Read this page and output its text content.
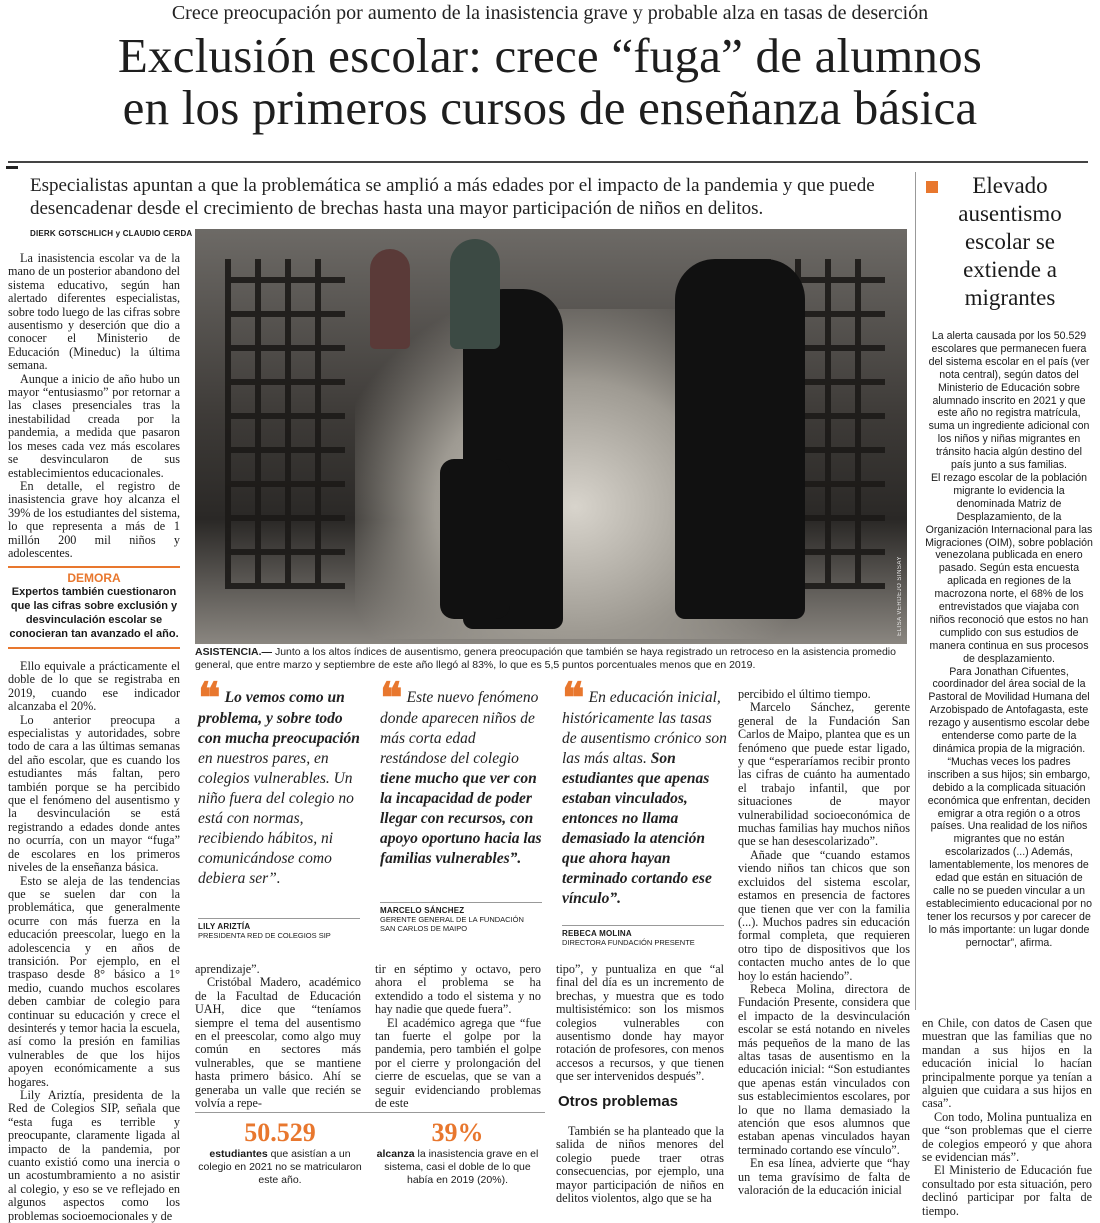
Crece preocupación por aumento de la inasistencia grave y probable alza en tasas de deserción
Exclusión escolar: crece “fuga” de alumnos
en los primeros cursos de enseñanza básica
Especialistas apuntan a que la problemática se amplió a más edades por el impacto de la pandemia y que puede desencadenar desde el crecimiento de brechas hasta una mayor participación de niños en delitos.
DIERK GOTSCHLICH y CLAUDIO CERDA

La inasistencia escolar va de la mano de un posterior abandono del sistema educativo, según han alertado diferentes especialistas, sobre todo luego de las cifras sobre ausentismo y deserción que dio a conocer el Ministerio de Educación (Mineduc) la última semana.

Aunque a inicio de año hubo un mayor “entusiasmo” por retornar a las clases presenciales tras la inestabilidad creada por la pandemia, a medida que pasaron los meses cada vez más escolares se desvincularon de sus establecimientos educacionales.

En detalle, el registro de inasistencia grave hoy alcanza el 39% de los estudiantes del sistema, lo que representa a más de 1 millón 200 mil niños y adolescentes.

DEMORA
Expertos también cuestionaron que las cifras sobre exclusión y desvinculación escolar se conocieran tan avanzado el año.

Ello equivale a prácticamente el doble de lo que se registraba en 2019, cuando ese indicador alcanzaba el 20%.

Lo anterior preocupa a especialistas y autoridades, sobre todo de cara a las últimas semanas del año escolar, que es cuando los estudiantes más faltan, pero también porque se ha percibido que el fenómeno del ausentismo y la desvinculación se está registrando a edades donde antes no ocurría, con un mayor “fuga” de escolares en los primeros niveles de la enseñanza básica.

Esto se aleja de las tendencias que se suelen dar con la problemática, que generalmente ocurre con más fuerza en la educación preescolar, luego en la adolescencia y en años de transición. Por ejemplo, en el traspaso desde 8° básico a 1° medio, cuando muchos escolares deben cambiar de colegio para continuar su educación y crece el desinterés y temor hacia la escuela, así como la presión en familias vulnerables de que los hijos apoyen económicamente a sus hogares.

Lily Ariztía, presidenta de la Red de Colegios SIP, señala que “esta fuga es terrible y preocupante, claramente ligada al impacto de la pandemia, por cuanto existió como una inercia o un acostumbramiento a no asistir al colegio, y eso se ve reflejado en algunos aspectos como los problemas socioemocionales y de

ELISA VERDEJO SINSAY
ASISTENCIA.— Junto a los altos índices de ausentismo, genera preocupación que también se haya registrado un retroceso en la asistencia promedio general, que entre marzo y septiembre de este año llegó al 83%, lo que es 5,5 puntos porcentuales menos que en 2019.
❝ Lo vemos como un problema, y sobre todo con mucha preocupación en nuestros pares, en colegios vulnerables. Un niño fuera del colegio no está con normas, recibiendo hábitos, ni comunicándose como debiera ser”.
LILY ARIZTÍA
PRESIDENTA RED DE COLEGIOS SIP
❝ Este nuevo fenómeno donde aparecen niños de más corta edad restándose del colegio tiene mucho que ver con la incapacidad de poder llegar con recursos, con apoyo oportuno hacia las familias vulnerables”.
MARCELO SÁNCHEZ
GERENTE GENERAL DE LA FUNDACIÓN SAN CARLOS DE MAIPO
❝ En educación inicial, históricamente las tasas de ausentismo crónico son las más altas. Son estudiantes que apenas estaban vinculados, entonces no llama demasiado la atención que ahora hayan terminado cortando ese vínculo”.
REBECA MOLINA
DIRECTORA FUNDACIÓN PRESENTE

aprendizaje”.

Cristóbal Madero, académico de la Facultad de Educación UAH, dice que “teníamos siempre el tema del ausentismo en el preescolar, como algo muy común en sectores más vulnerables, que se mantiene hasta primero básico. Ahí se generaba un valle que recién se volvía a repe-

tir en séptimo y octavo, pero ahora el problema se ha extendido a todo el sistema y no hay nadie que quede fuera”.

El académico agrega que “fue tan fuerte el golpe por la pandemia, pero también el golpe por el cierre y prolongación del cierre de escuelas, que se van a seguir evidenciando problemas de este

tipo”, y puntualiza en que “al final del día es un incremento de brechas, y muestra que es todo multisistémico: son los mismos colegios vulnerables con ausentismo donde hay mayor rotación de profesores, con menos accesos a recursos, y que tienen que ser intervenidos después”.

Otros problemas

También se ha planteado que la salida de niños menores del colegio puede traer otras consecuencias, por ejemplo, una mayor participación de niños en delitos violentos, algo que se ha

50.529
estudiantes que asistían a un colegio en 2021 no se matricularon este año.
39%
alcanza la inasistencia grave en el sistema, casi el doble de lo que había en 2019 (20%).

percibido el último tiempo.

Marcelo Sánchez, gerente general de la Fundación San Carlos de Maipo, plantea que es un fenómeno que puede estar ligado, y que “esperaríamos recibir pronto las cifras de cuánto ha aumentado el trabajo infantil, que por situaciones de mayor vulnerabilidad socioeconómica de muchas familias hay muchos niños que se han desescolarizado”.

Añade que “cuando estamos viendo niños tan chicos que son excluidos del sistema escolar, estamos en presencia de factores que tienen que ver con la familia (...). Muchos padres sin educación formal completa, que requieren otro tipo de dispositivos que los contacten mucho antes de lo que hoy lo están haciendo”.

Rebeca Molina, directora de Fundación Presente, considera que el impacto de la desvinculación escolar se está notando en niveles más pequeños de la mano de las altas tasas de ausentismo en la educación inicial: “Son estudiantes que apenas están vinculados con sus establecimientos escolares, por lo que no llama demasiado la atención que esos alumnos que estaban apenas vinculados hayan terminado cortando ese vínculo”.

En esa línea, advierte que “hay un tema gravísimo de falta de valoración de la educación inicial

en Chile, con datos de Casen que muestran que las familias que no mandan a sus hijos en la educación inicial lo hacían principalmente porque ya tenían a alguien que cuidara a sus hijos en casa”.

Con todo, Molina puntualiza en que “son problemas que el cierre de colegios empeoró y que ahora se evidencian más”.

El Ministerio de Educación fue consultado por esta situación, pero declinó participar por falta de tiempo.

Elevado ausentismo escolar se extiende a migrantes

La alerta causada por los 50.529 escolares que permanecen fuera del sistema escolar en el país (ver nota central), según datos del Ministerio de Educación sobre alumnado inscrito en 2021 y que este año no registra matrícula, suma un ingrediente adicional con los niños y niñas migrantes en tránsito hacia algún destino del país junto a sus familias.

El rezago escolar de la población migrante lo evidencia la denominada Matriz de Desplazamiento, de la Organización Internacional para las Migraciones (OIM), sobre población venezolana publicada en enero pasado. Según esta encuesta aplicada en regiones de la macrozona norte, el 68% de los entrevistados que viajaba con niños reconoció que estos no han cumplido con sus estudios de manera continua en sus procesos de desplazamiento.

Para Jonathan Cifuentes, coordinador del área social de la Pastoral de Movilidad Humana del Arzobispado de Antofagasta, este rezago y ausentismo escolar debe entenderse como parte de la dinámica propia de la migración. “Muchas veces los padres inscriben a sus hijos; sin embargo, debido a la complicada situación económica que enfrentan, deciden emigrar a otra región o a otros países. Una realidad de los niños migrantes que no están escolarizados (...) Además, lamentablemente, los menores de edad que están en situación de calle no se pueden vincular a un establecimiento educacional por no tener los recursos y por carecer de lo más importante: un lugar donde pernoctar”, afirma.
